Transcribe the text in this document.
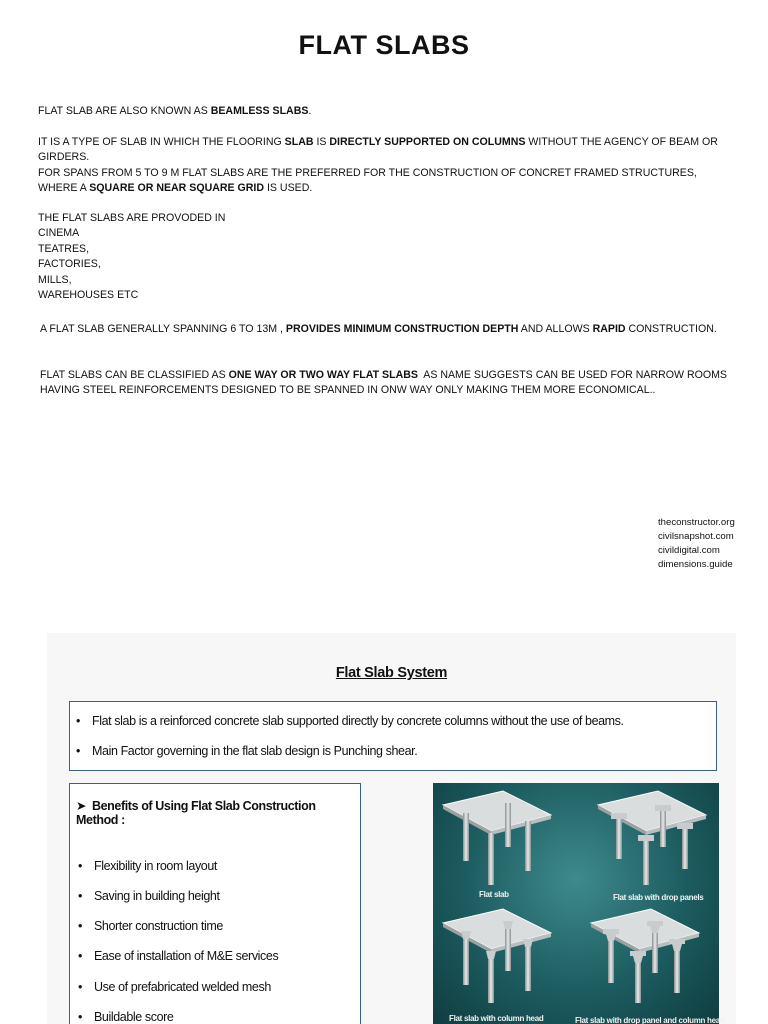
FLAT SLABS

FLAT SLAB ARE ALSO KNOWN AS BEAMLESS SLABS.

IT IS A TYPE OF SLAB IN WHICH THE FLOORING SLAB IS DIRECTLY SUPPORTED ON COLUMNS WITHOUT THE AGENCY OF BEAM OR GIRDERS.

FOR SPANS FROM 5 TO 9 M FLAT SLABS ARE THE PREFERRED FOR THE CONSTRUCTION OF CONCRET FRAMED STRUCTURES, WHERE A SQUARE OR NEAR SQUARE GRID IS USED.

THE FLAT SLABS ARE PROVODED IN

CINEMA

TEATRES,

FACTORIES,

MILLS,

WAREHOUSES ETC

A FLAT SLAB GENERALLY SPANNING 6 TO 13M , PROVIDES MINIMUM CONSTRUCTION DEPTH AND ALLOWS RAPID CONSTRUCTION.

FLAT SLABS CAN BE CLASSIFIED AS ONE WAY OR TWO WAY FLAT SLABS  AS NAME SUGGESTS CAN BE USED FOR NARROW ROOMS HAVING STEEL REINFORCEMENTS DESIGNED TO BE SPANNED IN ONW WAY ONLY MAKING THEM MORE ECONOMICAL..

theconstructor.org
civilsnapshot.com
civildigital.com
dimensions.guide
Flat Slab System
• Flat slab is a reinforced concrete slab supported directly by concrete columns without the use of beams.
• Main Factor governing in the flat slab design is Punching shear.
➤ Benefits of Using Flat Slab Construction Method :
• Flexibility in room layout
• Saving in building height
• Shorter construction time
• Ease of installation of M&E services
• Use of prefabricated welded mesh
• Buildable score
Flat slab	Flat slab with drop panels
Flat slab with column head	Flat slab with drop panel and column head
